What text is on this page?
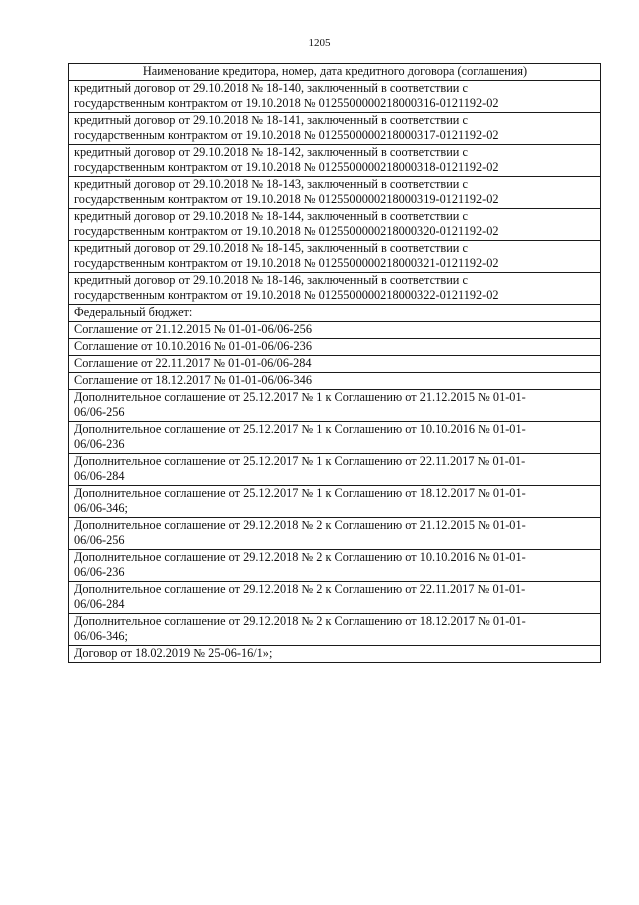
1205
Наименование кредитора, номер, дата кредитного договора (соглашения)

кредитный договор от 29.10.2018 № 18-140, заключенный в соответствии с
государственным контрактом от 19.10.2018 № 0125500000218000316-0121192-02

кредитный договор от 29.10.2018 № 18-141, заключенный в соответствии с
государственным контрактом от 19.10.2018 № 0125500000218000317-0121192-02

кредитный договор от 29.10.2018 № 18-142, заключенный в соответствии с
государственным контрактом от 19.10.2018 № 0125500000218000318-0121192-02

кредитный договор от 29.10.2018 № 18-143, заключенный в соответствии с
государственным контрактом от 19.10.2018 № 0125500000218000319-0121192-02

кредитный договор от 29.10.2018 № 18-144, заключенный в соответствии с
государственным контрактом от 19.10.2018 № 0125500000218000320-0121192-02

кредитный договор от 29.10.2018 № 18-145, заключенный в соответствии с
государственным контрактом от 19.10.2018 № 0125500000218000321-0121192-02

кредитный договор от 29.10.2018 № 18-146, заключенный в соответствии с
государственным контрактом от 19.10.2018 № 0125500000218000322-0121192-02

Федеральный бюджет:

Соглашение от 21.12.2015 № 01-01-06/06-256

Соглашение от 10.10.2016 № 01-01-06/06-236

Соглашение от 22.11.2017 № 01-01-06/06-284

Соглашение от 18.12.2017 № 01-01-06/06-346

Дополнительное соглашение от 25.12.2017 № 1 к Соглашению от 21.12.2015 № 01-01-
06/06-256

Дополнительное соглашение от 25.12.2017 № 1 к Соглашению от 10.10.2016 № 01-01-
06/06-236

Дополнительное соглашение от 25.12.2017 № 1 к Соглашению от 22.11.2017 № 01-01-
06/06-284

Дополнительное соглашение от 25.12.2017 № 1 к Соглашению от 18.12.2017 № 01-01-
06/06-346;

Дополнительное соглашение от 29.12.2018 № 2 к Соглашению от 21.12.2015 № 01-01-
06/06-256

Дополнительное соглашение от 29.12.2018 № 2 к Соглашению от 10.10.2016 № 01-01-
06/06-236

Дополнительное соглашение от 29.12.2018 № 2 к Соглашению от 22.11.2017 № 01-01-
06/06-284

Дополнительное соглашение от 29.12.2018 № 2 к Соглашению от 18.12.2017 № 01-01-
06/06-346;

Договор от 18.02.2019 № 25-06-16/1»;
